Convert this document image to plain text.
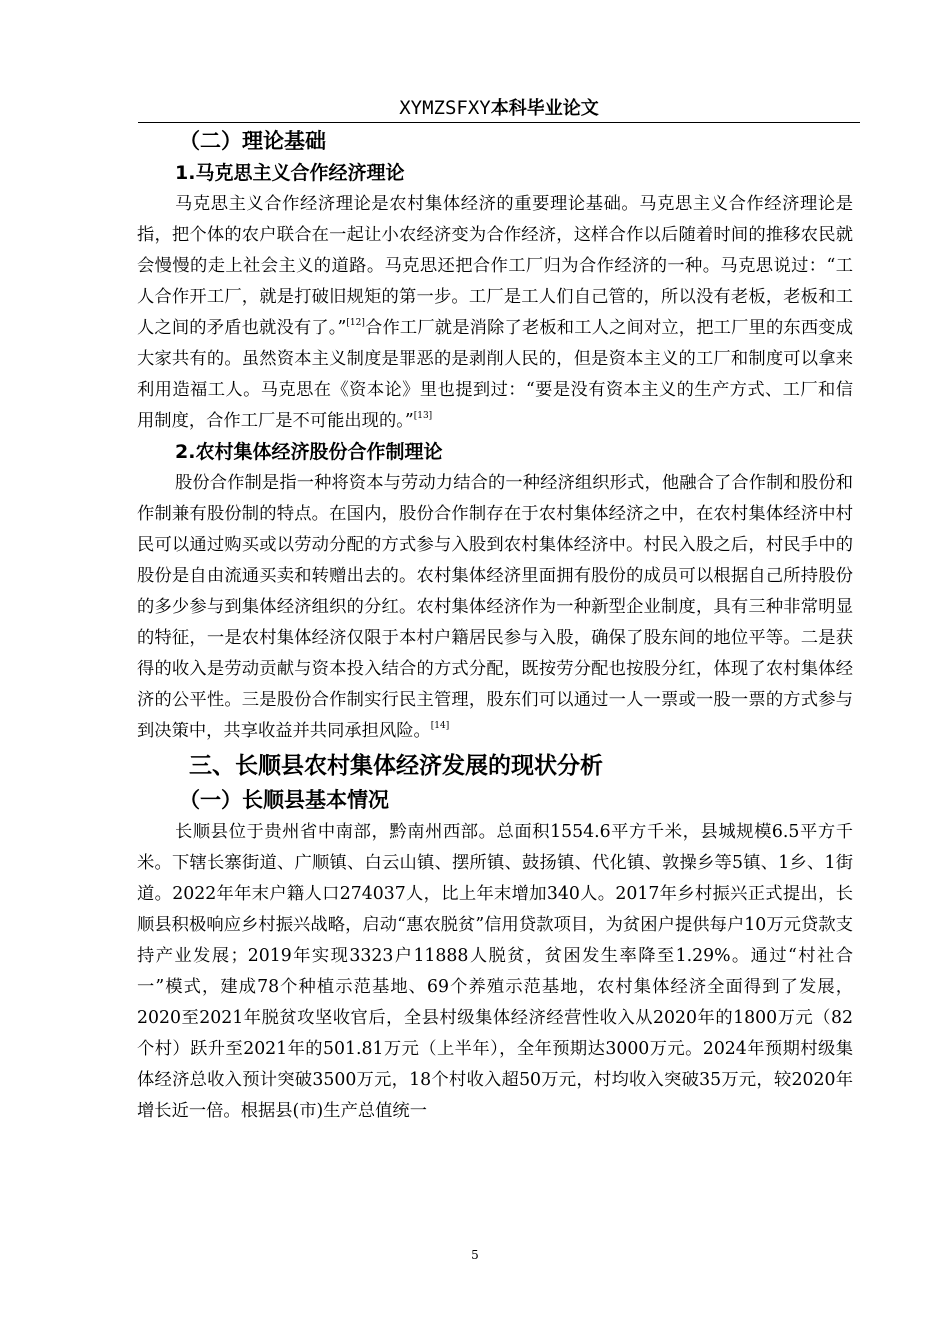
XYMZSFXY本科毕业论文
（二）理论基础
1.马克思主义合作经济理论

马克思主义合作经济理论是农村集体经济的重要理论基础。马克思主义合作经济理论是指，把个体的农户联合在一起让小农经济变为合作经济，这样合作以后随着时间的推移农民就会慢慢的走上社会主义的道路。马克思还把合作工厂归为合作经济的一种。马克思说过：“工人合作开工厂，就是打破旧规矩的第一步。工厂是工人们自己管的，所以没有老板，老板和工人之间的矛盾也就没有了。”[12]合作工厂就是消除了老板和工人之间对立，把工厂里的东西变成大家共有的。虽然资本主义制度是罪恶的是剥削人民的，但是资本主义的工厂和制度可以拿来利用造福工人。马克思在《资本论》里也提到过：“要是没有资本主义的生产方式、工厂和信用制度，合作工厂是不可能出现的。”[13]

2.农村集体经济股份合作制理论

股份合作制是指一种将资本与劳动力结合的一种经济组织形式，他融合了合作制和股份和作制兼有股份制的特点。在国内，股份合作制存在于农村集体经济之中，在农村集体经济中村民可以通过购买或以劳动分配的方式参与入股到农村集体经济中。村民入股之后，村民手中的股份是自由流通买卖和转赠出去的。农村集体经济里面拥有股份的成员可以根据自己所持股份的多少参与到集体经济组织的分红。农村集体经济作为一种新型企业制度，具有三种非常明显的特征，一是农村集体经济仅限于本村户籍居民参与入股，确保了股东间的地位平等。二是获得的收入是劳动贡献与资本投入结合的方式分配，既按劳分配也按股分红，体现了农村集体经济的公平性。三是股份合作制实行民主管理，股东们可以通过一人一票或一股一票的方式参与到决策中，共享收益并共同承担风险。[14]

三、长顺县农村集体经济发展的现状分析
（一）长顺县基本情况

长顺县位于贵州省中南部，黔南州西部。总面积1554.6平方千米，县城规模6.5平方千米。下辖长寨街道、广顺镇、白云山镇、摆所镇、鼓扬镇、代化镇、敦操乡等5镇、1乡、1街道。2022年年末户籍人口274037人，比上年末增加340人。2017年乡村振兴正式提出，长顺县积极响应乡村振兴战略，启动“惠农脱贫”信用贷款项目，为贫困户提供每户10万元贷款支持产业发展；2019年实现3323户11888人脱贫，贫困发生率降至1.29%。通过“村社合一”模式，建成78个种植示范基地、69个养殖示范基地，农村集体经济全面得到了发展，2020至2021年脱贫攻坚收官后，全县村级集体经济经营性收入从2020年的1800万元（82个村）跃升至2021年的501.81万元（上半年），全年预期达3000万元。2024年预期村级集体经济总收入预计突破3500万元，18个村收入超50万元，村均收入突破35万元，较2020年增长近一倍。根据县(市)生产总值统一

5
